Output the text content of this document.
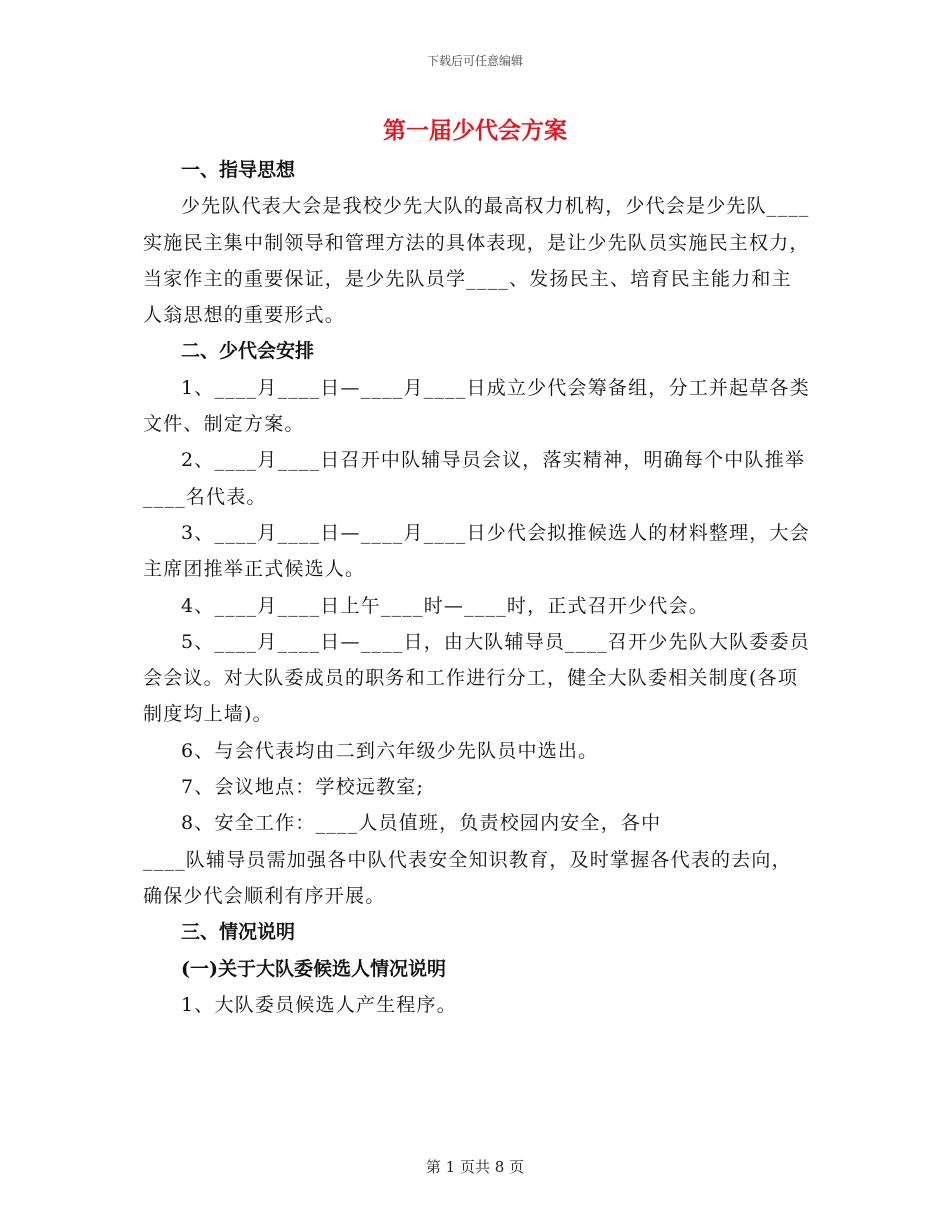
下载后可任意编辑
第一届少代会方案

一、指导思想

少先队代表大会是我校少先大队的最高权力机构，少代会是少先队____实施民主集中制领导和管理方法的具体表现，是让少先队员实施民主权力，当家作主的重要保证，是少先队员学____、发扬民主、培育民主能力和主人翁思想的重要形式。

二、少代会安排

1、____月____日—____月____日成立少代会筹备组，分工并起草各类文件、制定方案。

2、____月____日召开中队辅导员会议，落实精神，明确每个中队推举____名代表。

3、____月____日—____月____日少代会拟推候选人的材料整理，大会主席团推举正式候选人。

4、____月____日上午____时—____时，正式召开少代会。

5、____月____日—____日，由大队辅导员____召开少先队大队委委员会会议。对大队委成员的职务和工作进行分工，健全大队委相关制度(各项制度均上墙)。

6、与会代表均由二到六年级少先队员中选出。

7、会议地点：学校远教室;

8、安全工作：____人员值班，负责校园内安全，各中

____队辅导员需加强各中队代表安全知识教育，及时掌握各代表的去向，确保少代会顺利有序开展。

三、情况说明

(一)关于大队委候选人情况说明

1、大队委员候选人产生程序。

第 1 页共 8 页
